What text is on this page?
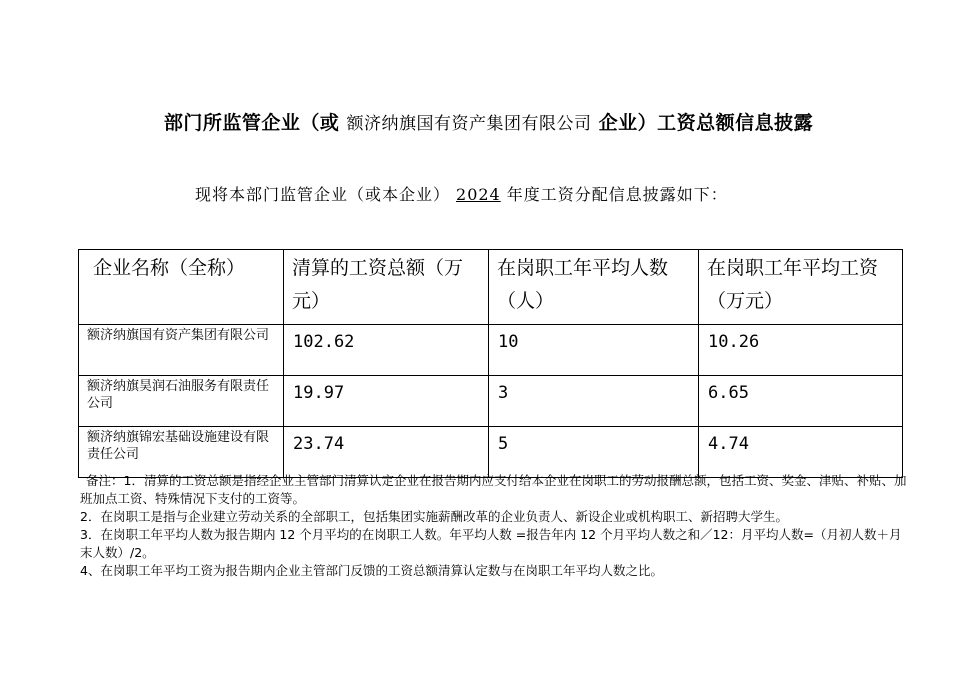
部门所监管企业（或 额济纳旗国有资产集团有限公司 企业）工资总额信息披露
现将本部门监管企业（或本企业） 2024 年度工资分配信息披露如下：
企业名称（全称）	清算的工资总额（万元）	在岗职工年平均人数（人）	在岗职工年平均工资（万元）
额济纳旗国有资产集团有限公司	102.62	10	10.26
额济纳旗昊润石油服务有限责任公司	19.97	3	6.65
额济纳旗锦宏基础设施建设有限责任公司	23.74	5	4.74
备注：1．清算的工资总额是指经企业主管部门清算认定企业在报告期内应支付给本企业在岗职工的劳动报酬总额，包括工资、奖金、津贴、补贴、加班加点工资、特殊情况下支付的工资等。
2．在岗职工是指与企业建立劳动关系的全部职工，包括集团实施薪酬改革的企业负责人、新设企业或机构职工、新招聘大学生。
3．在岗职工年平均人数为报告期内 12 个月平均的在岗职工人数。年平均人数 =报告年内 12 个月平均人数之和／12：月平均人数=（月初人数＋月末人数）/2。
4、在岗职工年平均工资为报告期内企业主管部门反馈的工资总额清算认定数与在岗职工年平均人数之比。
